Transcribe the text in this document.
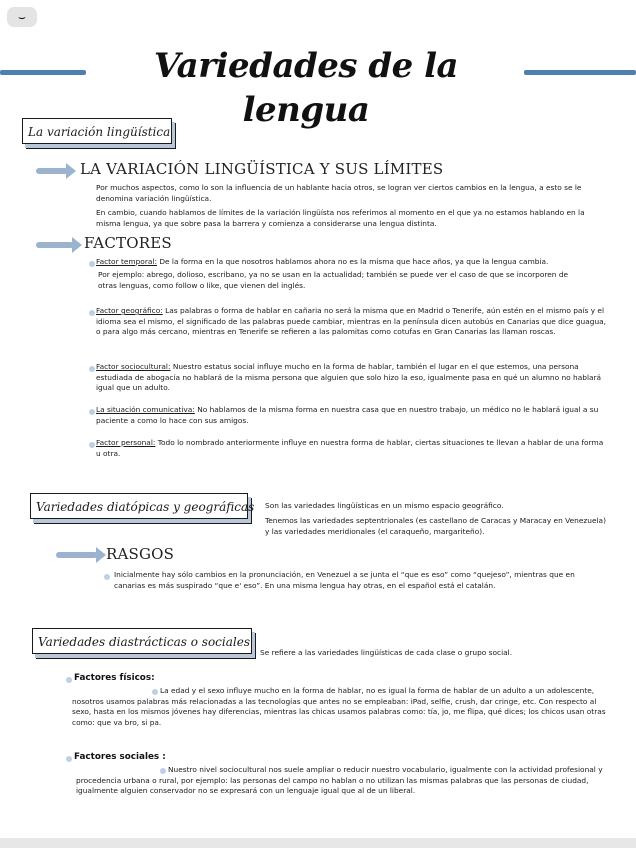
⌣
Variedades de la lengua
La variación lingüística
LA VARIACIÓN LINGÜÍSTICA Y SUS LÍMITES

Por muchos aspectos, como lo son la influencia de un hablante hacia otros, se logran ver ciertos cambios en la lengua, a esto se le denomina variación lingüística.

En cambio, cuando hablamos de límites de la variación lingüísta nos referimos al momento en el que ya no estamos hablando en la misma lengua, ya que sobre pasa la barrera y comienza a considerarse una lengua distinta.

FACTORES

Factor temporal: De la forma en la que nosotros hablamos ahora no es la misma que hace años, ya que la lengua cambia.

Por ejemplo: abrego, dolioso, escribano, ya no se usan en la actualidad; también se puede ver el caso de que se incorporen de otras lenguas, como follow o like, que vienen del inglés.

Factor geográfico: Las palabras o forma de hablar en cañaria no será la misma que en Madrid o Tenerife, aún estén en el mismo país y el idioma sea el mismo, el significado de las palabras puede cambiar, mientras en la península dicen autobús en Canarias que dice guagua, o para algo más cercano, mientras en Tenerife se refieren a las palomitas como cotufas en Gran Canarias las llaman roscas.

Factor sociocultural: Nuestro estatus social influye mucho en la forma de hablar, también el lugar en el que estemos, una persona estudiada de abogacía no hablará de la misma persona que alguien que solo hizo la eso, igualmente pasa en qué un alumno no hablará igual que un adulto.

La situación comunicativa: No hablamos de la misma forma en nuestra casa que en nuestro trabajo, un médico no le hablará igual a su paciente a como lo hace con sus amigos.

Factor personal: Todo lo nombrado anteriormente influye en nuestra forma de hablar, ciertas situaciones te llevan a hablar de una forma u otra.

Variedades diatópicas y geográficas Son las variedades lingüísticas en un mismo espacio geográfico.

Tenemos las variedades septentrionales (es castellano de Caracas y Maracay en Venezuela) y las variedades meridionales (el caraqueño, margariteño).

RASGOS

Inicialmente hay sólo cambios en la pronunciación, en Venezuel a se junta el “que es eso” como “quejeso”, mientras que en canarias es más suspirado “que e' eso”. En una misma lengua hay otras, en el español está el catalán.

Variedades diastrácticas o sociales

Se refiere a las variedades lingüísticas de cada clase o grupo social.

Factores físicos:

La edad y el sexo influye mucho en la forma de hablar, no es igual la forma de hablar de un adulto a un adolescente, nosotros usamos palabras más relacionadas a las tecnologías que antes no se empleaban: iPad, selfie, crush, dar cringe, etc. Con respecto al sexo, hasta en los mismos jóvenes hay diferencias, mientras las chicas usamos palabras como: tía, jo, me flipa, qué dices; los chicos usan otras como: que va bro, si pa.

Factores sociales :

Nuestro nivel sociocultural nos suele ampliar o reducir nuestro vocabulario, igualmente con la actividad profesional y procedencia urbana o rural, por ejemplo: las personas del campo no hablan o no utilizan las mismas palabras que las personas de ciudad, igualmente alguien conservador no se expresará con un lenguaje igual que al de un liberal.
